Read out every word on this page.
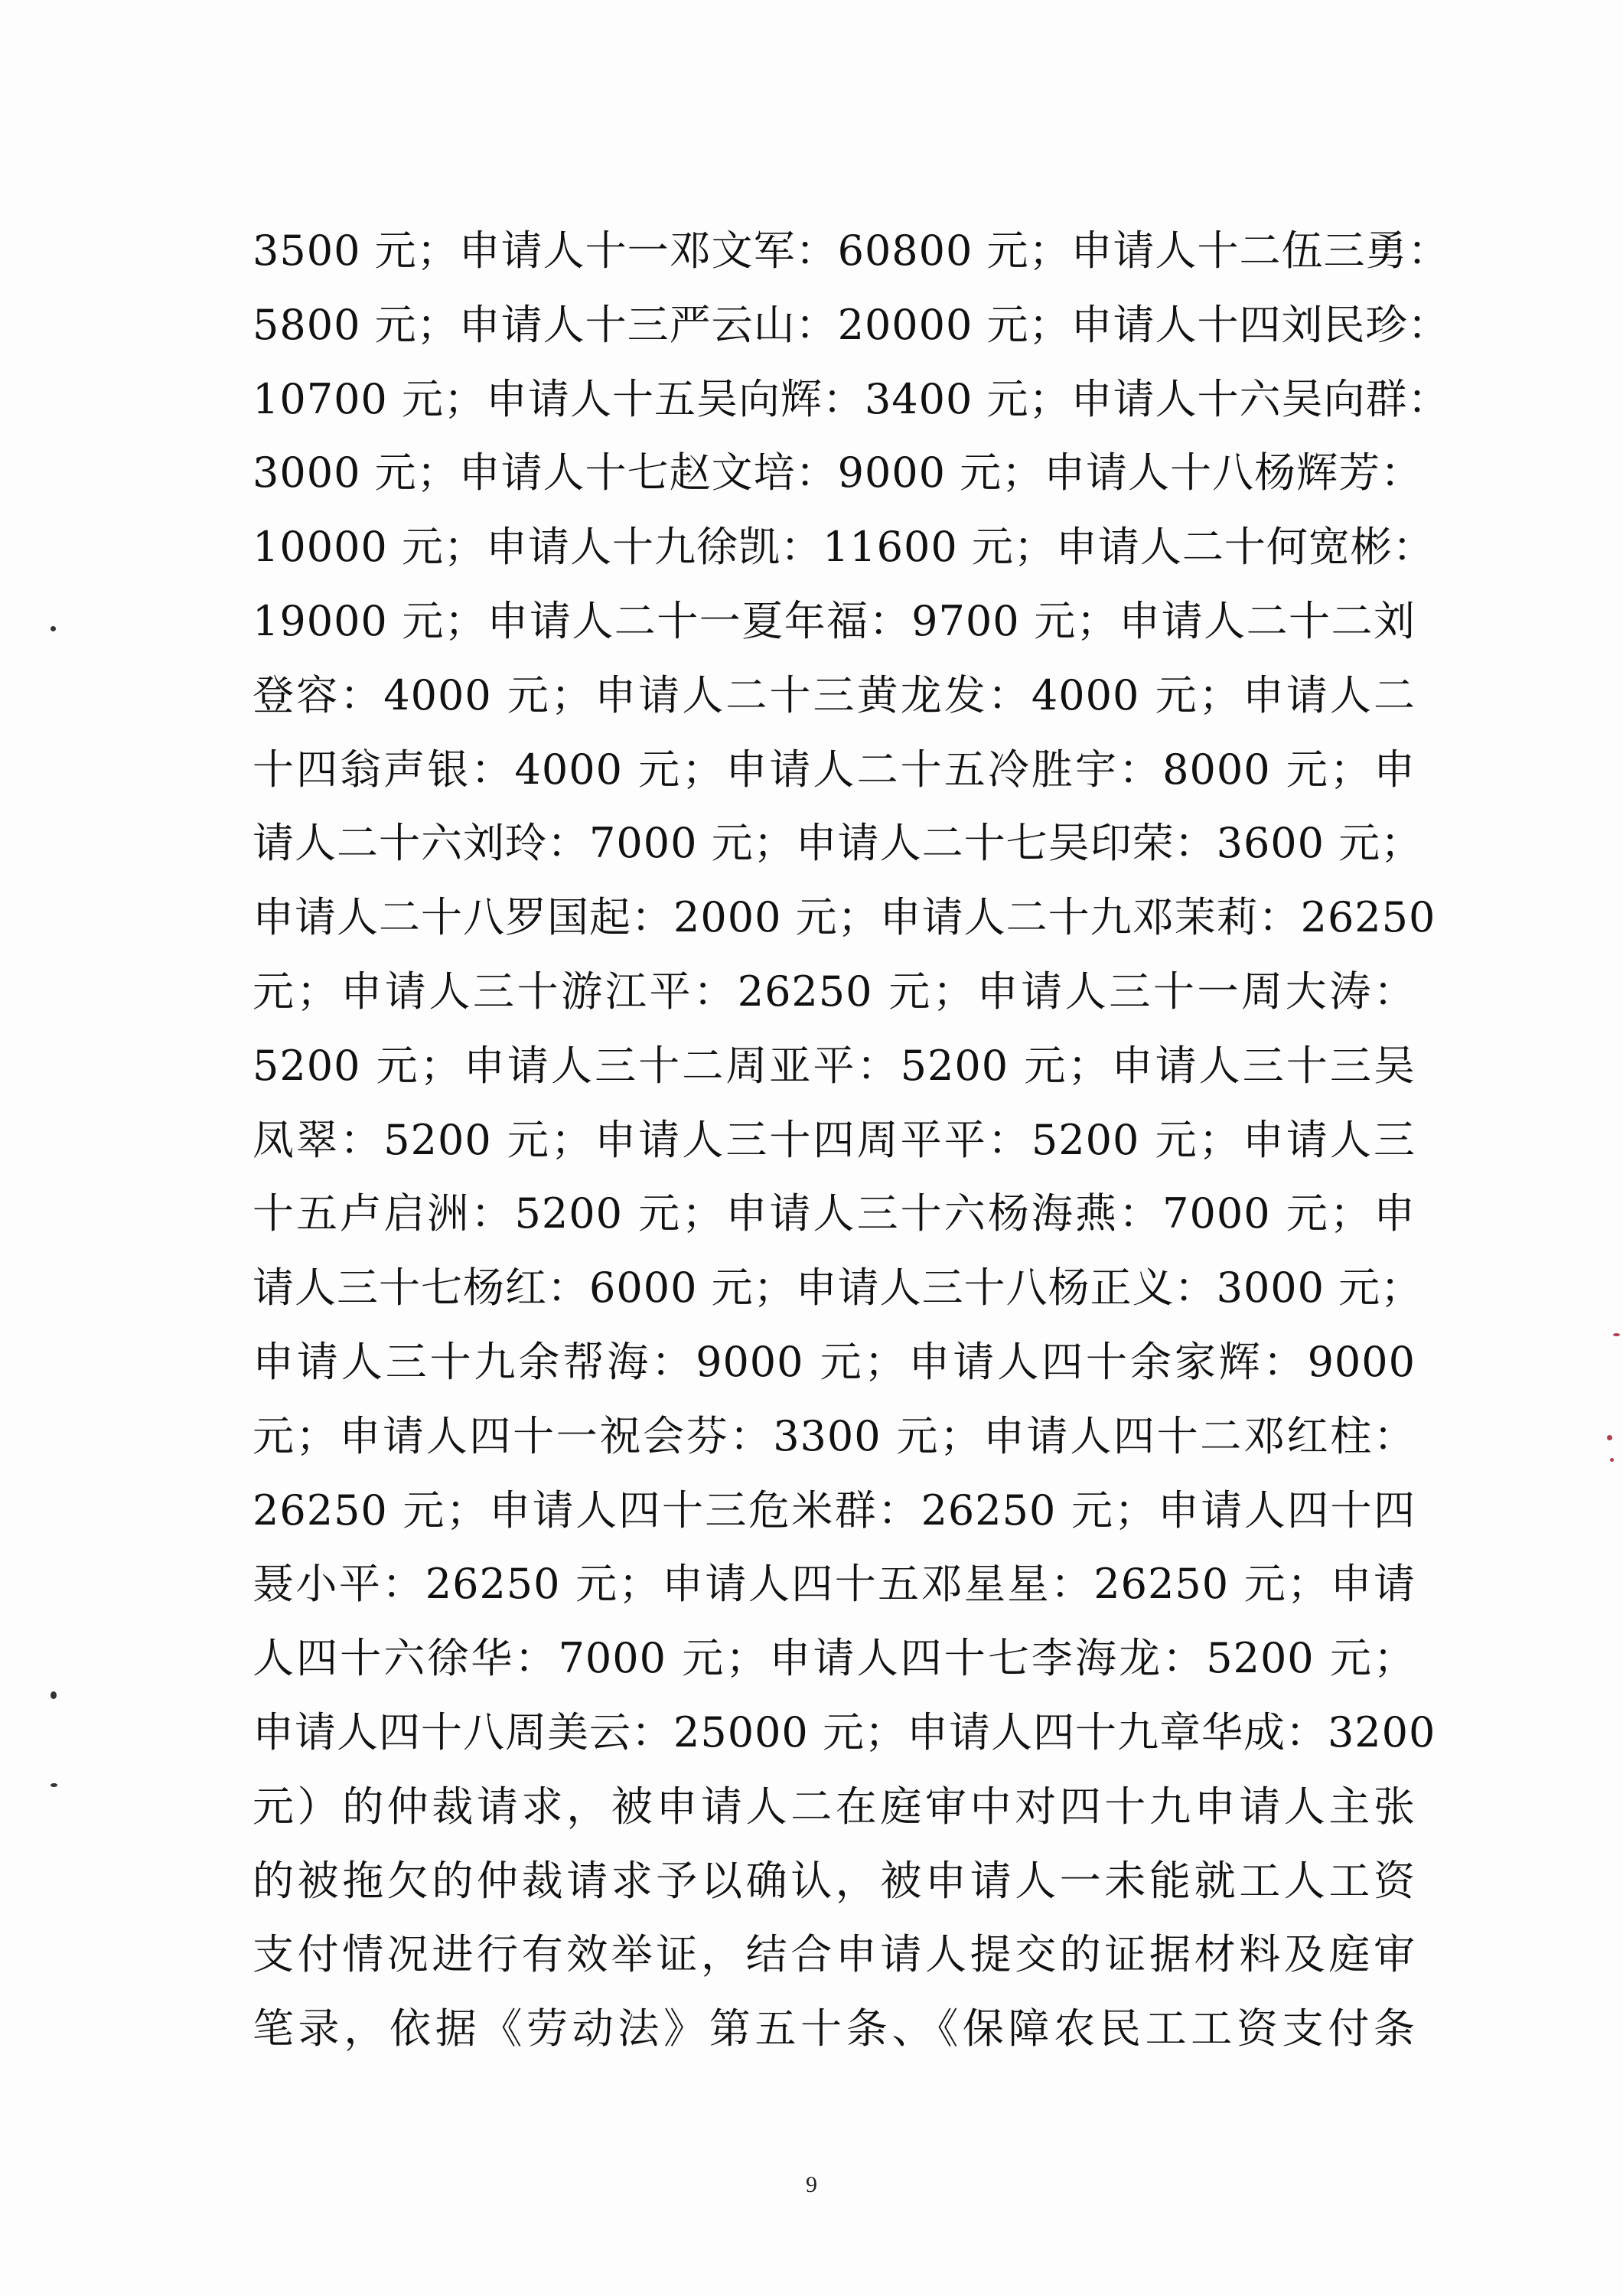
3500 元；申请人十一邓文军：60800 元；申请人十二伍三勇：
5800 元；申请人十三严云山：20000 元；申请人十四刘民珍：
10700 元；申请人十五吴向辉：3400 元；申请人十六吴向群：
3000 元；申请人十七赵文培：9000 元；申请人十八杨辉芳：
10000 元；申请人十九徐凯：11600 元；申请人二十何宽彬：
19000 元；申请人二十一夏年福：9700 元；申请人二十二刘
登容：4000 元；申请人二十三黄龙发：4000 元；申请人二
十四翁声银：4000 元；申请人二十五冷胜宇：8000 元；申
请人二十六刘玲：7000 元；申请人二十七吴印荣：3600 元；
申请人二十八罗国起：2000 元；申请人二十九邓茉莉：26250
元；申请人三十游江平：26250 元；申请人三十一周大涛：
5200 元；申请人三十二周亚平：5200 元；申请人三十三吴
凤翠：5200 元；申请人三十四周平平：5200 元；申请人三
十五卢启洲：5200 元；申请人三十六杨海燕：7000 元；申
请人三十七杨红：6000 元；申请人三十八杨正义：3000 元；
申请人三十九余帮海：9000 元；申请人四十余家辉：9000
元；申请人四十一祝会芬：3300 元；申请人四十二邓红柱：
26250 元；申请人四十三危米群：26250 元；申请人四十四
聂小平：26250 元；申请人四十五邓星星：26250 元；申请
人四十六徐华：7000 元；申请人四十七李海龙：5200 元；
申请人四十八周美云：25000 元；申请人四十九章华成：3200
元）的仲裁请求，被申请人二在庭审中对四十九申请人主张
的被拖欠的仲裁请求予以确认，被申请人一未能就工人工资
支付情况进行有效举证，结合申请人提交的证据材料及庭审
笔录，依据《劳动法》第五十条、《保障农民工工资支付条
9
